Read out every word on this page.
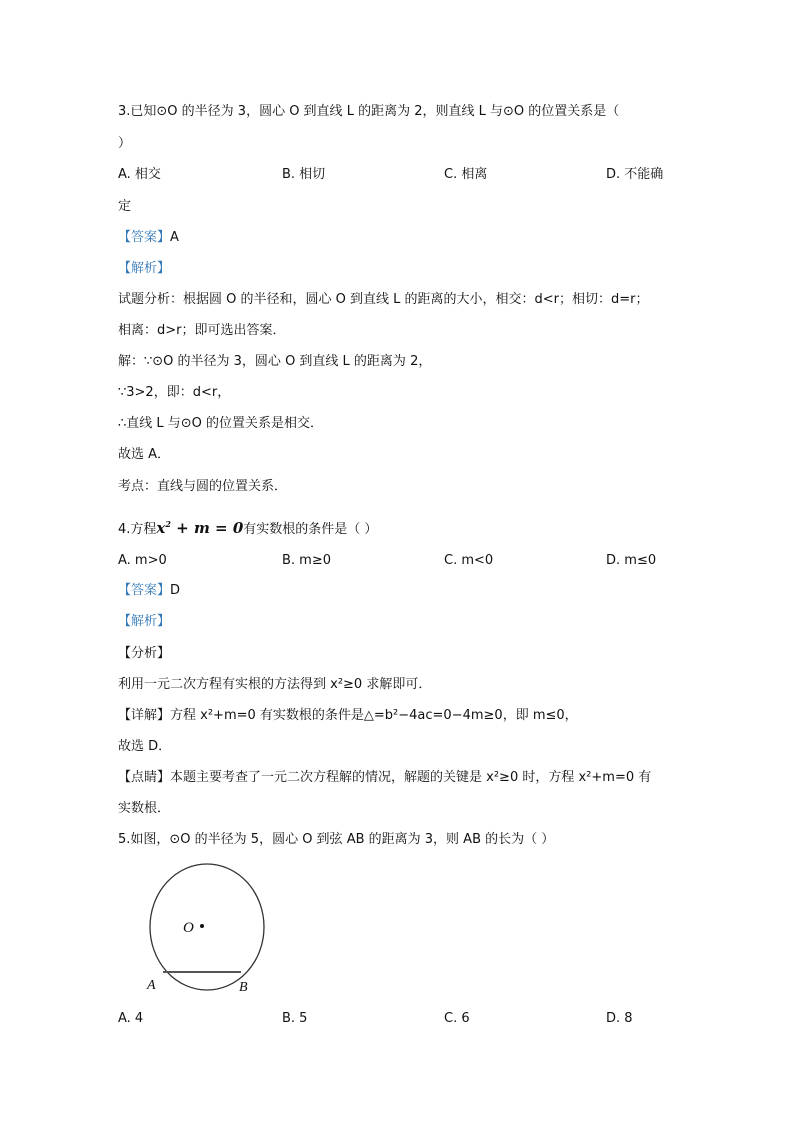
3.已知⊙O 的半径为 3，圆心 O 到直线 L 的距离为 2，则直线 L 与⊙O 的位置关系是（
）
A. 相交	B. 相切	C. 相离	D. 不能确
定
【答案】A
【解析】
试题分析：根据圆 O 的半径和，圆心 O 到直线 L 的距离的大小，相交：d<r；相切：d=r；
相离：d>r；即可选出答案．
解：∵⊙O 的半径为 3，圆心 O 到直线 L 的距离为 2，
∵3>2，即：d<r，
∴直线 L 与⊙O 的位置关系是相交．
故选 A．
考点：直线与圆的位置关系．
4.方程$x^2 + m = 0$有实数根的条件是（ ）
A. m>0	B. m≥0	C. m<0	D. m≤0
【答案】D
【解析】
【分析】
利用一元二次方程有实根的方法得到 x²≥0 求解即可．
【详解】方程 x²+m=0 有实数根的条件是△=b²−4ac=0−4m≥0，即 m≤0，
故选 D．
【点睛】本题主要考查了一元二次方程解的情况，解题的关键是 x²≥0 时，方程 x²+m=0 有
实数根．
5.如图，⊙O 的半径为 5，圆心 O 到弦 AB 的距离为 3，则 AB 的长为（ ）
O
A	B
A. 4	B. 5	C. 6	D. 8
